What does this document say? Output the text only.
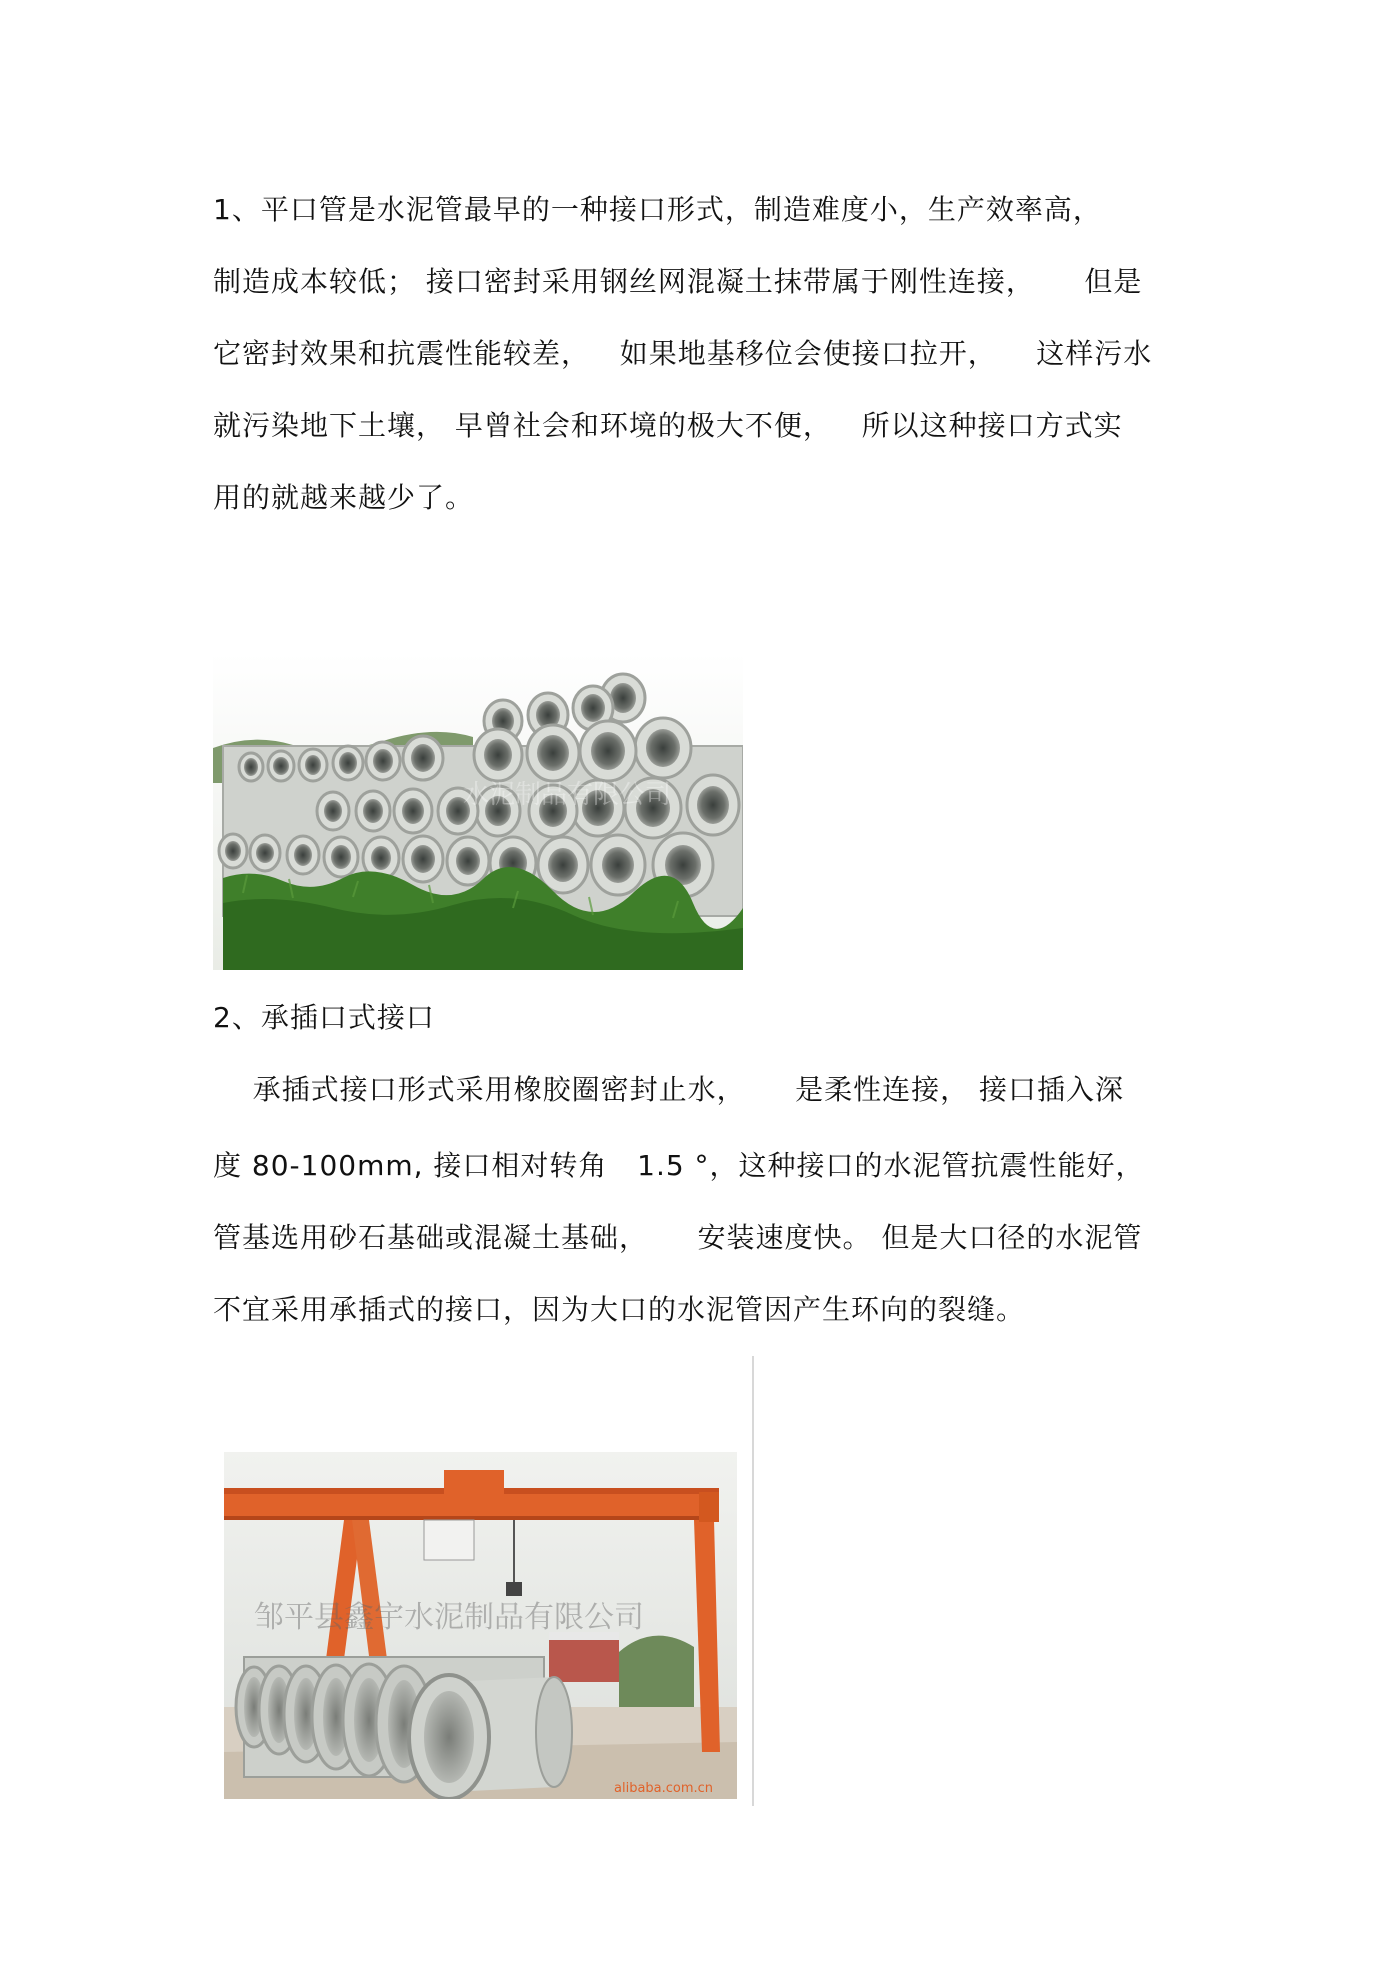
1、平口管是水泥管最早的一种接口形式，制造难度小，生产效率高，
制造成本较低； 接口密封采用钢丝网混凝土抹带属于刚性连接，     但是
它密封效果和抗震性能较差，   如果地基移位会使接口拉开，    这样污水
就污染地下土壤， 早曾社会和环境的极大不便，   所以这种接口方式实
用的就越来越少了。
水泥制品有限公司
2、承插口式接口
承插式接口形式采用橡胶圈密封止水，     是柔性连接， 接口插入深
度 80-100mm, 接口相对转角   1.5 °，这种接口的水泥管抗震性能好，
管基选用砂石基础或混凝土基础，     安装速度快。 但是大口径的水泥管
不宜采用承插式的接口，因为大口的水泥管因产生环向的裂缝。
邹平县鑫宇水泥制品有限公司
alibaba.com.cn
